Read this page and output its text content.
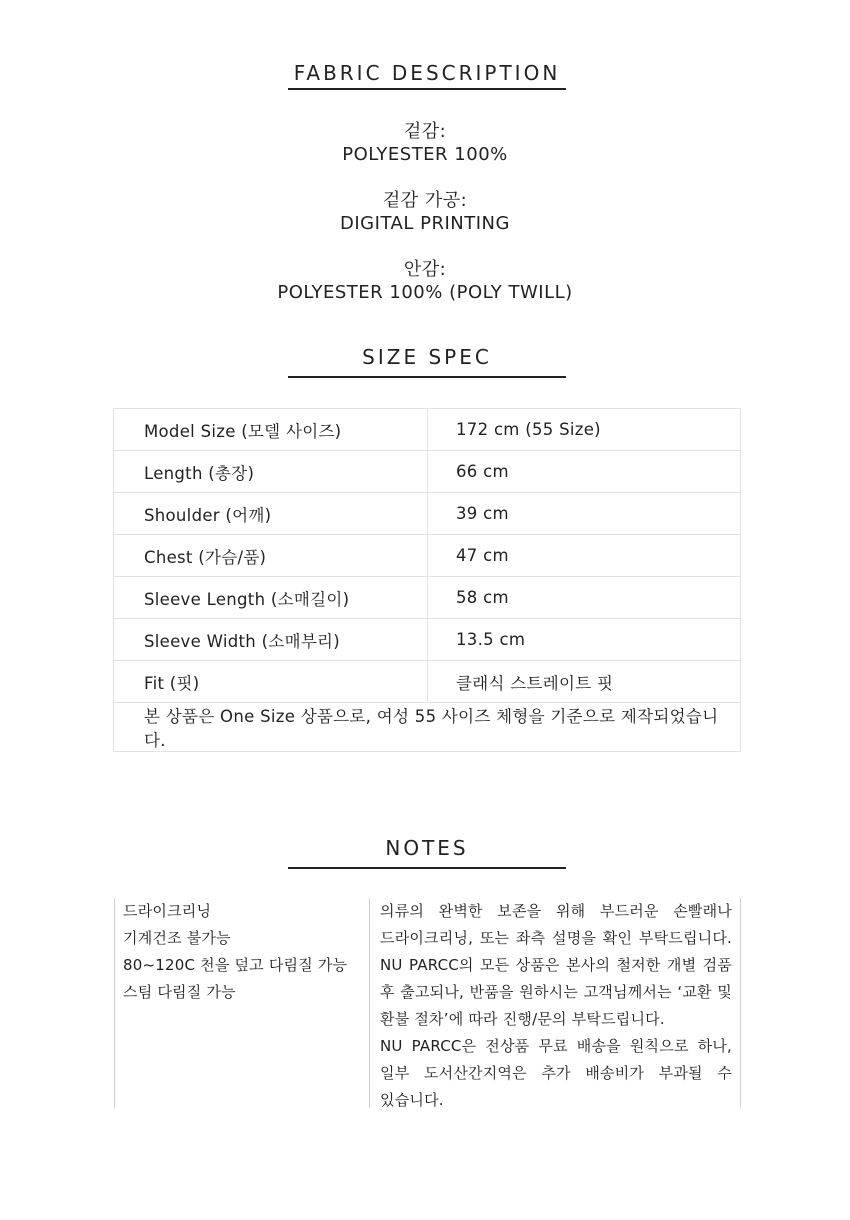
FABRIC DESCRIPTION
겉감:
POLYESTER 100%
겉감 가공:
DIGITAL PRINTING
안감:
POLYESTER 100% (POLY TWILL)
SIZE SPEC
Model Size (모델 사이즈)	172 cm (55 Size)
Length (총장)	66 cm
Shoulder (어깨)	39 cm
Chest (가슴/품)	47 cm
Sleeve Length (소매길이)	58 cm
Sleeve Width (소매부리)	13.5 cm
Fit (핏)	클래식 스트레이트 핏
본 상품은 One Size 상품으로, 여성 55 사이즈 체형을 기준으로 제작되었습니다.	
NOTES
드라이크리닝
기계건조 불가능
80~120C 천을 덮고 다림질 가능
스팀 다림질 가능
의류의 완벽한 보존을 위해 부드러운 손빨래나
드라이크리닝, 또는 좌측 설명을 확인 부탁드립니다.
NU PARCC의 모든 상품은 본사의 철저한 개별 검품
후 출고되나, 반품을 원하시는 고객님께서는 ‘교환 및
환불 절차’에 따라 진행/문의 부탁드립니다.
NU PARCC은 전상품 무료 배송을 원칙으로 하나,
일부 도서산간지역은 추가 배송비가 부과될 수
있습니다.
